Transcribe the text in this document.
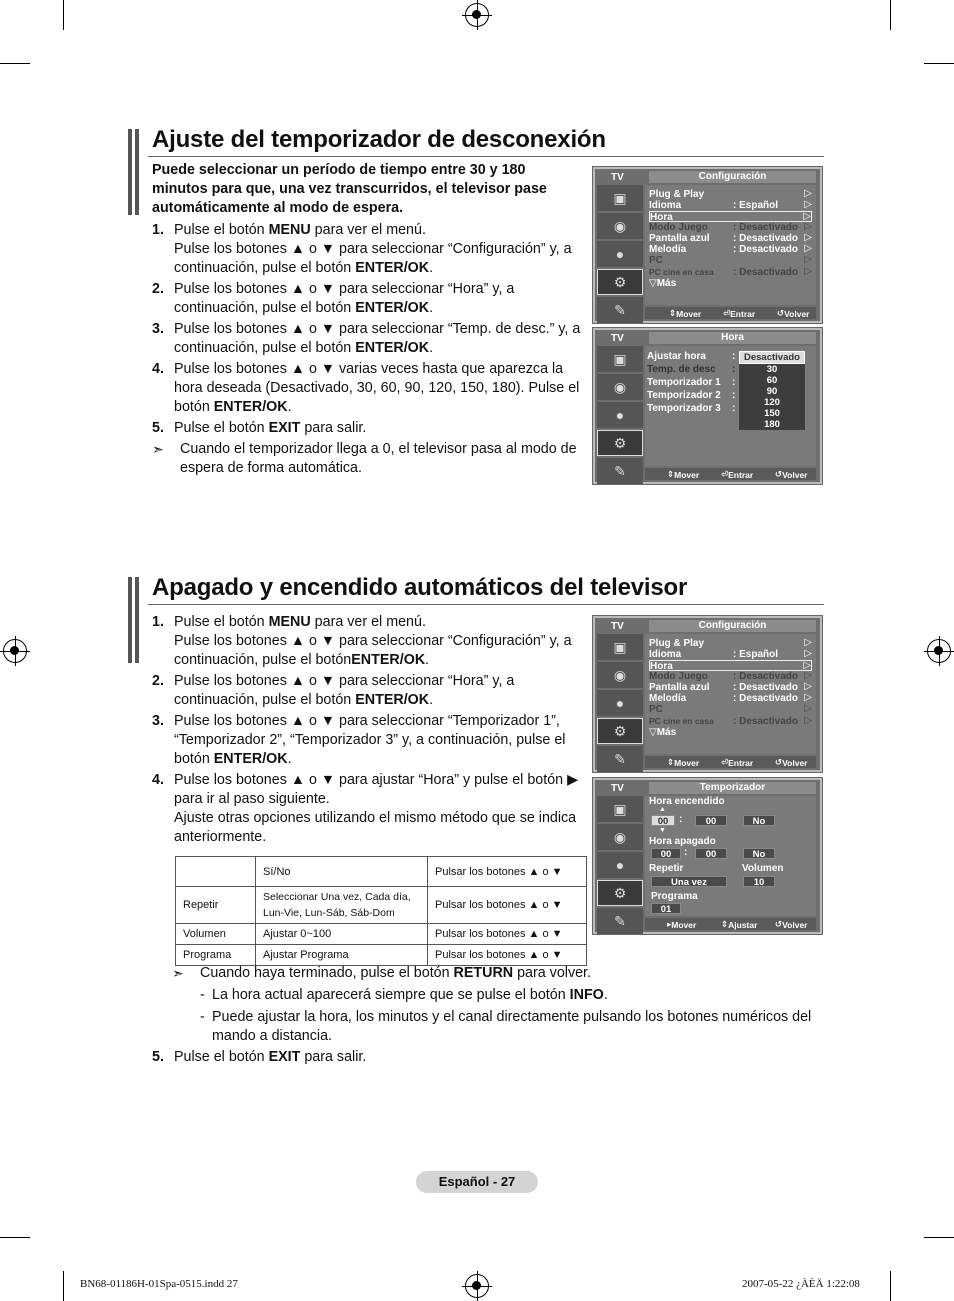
Ajuste del temporizador de desconexión
Puede seleccionar un período de tiempo entre 30 y 180 minutos para que, una vez transcurridos, el televisor pase automáticamente al modo de espera.
1. Pulse el botón MENU para ver el menú.
Pulse los botones ▲ o ▼ para seleccionar “Configuración” y, a continuación, pulse el botón ENTER/OK.
2. Pulse los botones ▲ o ▼ para seleccionar “Hora” y, a continuación, pulse el botón ENTER/OK.
3. Pulse los botones ▲ o ▼ para seleccionar “Temp. de desc.” y, a continuación, pulse el botón ENTER/OK.
4. Pulse los botones ▲ o ▼ varias veces hasta que aparezca la hora deseada (Desactivado, 30, 60, 90, 120, 150, 180). Pulse el botón ENTER/OK.
5. Pulse el botón EXIT para salir.
➣	Cuando el temporizador llega a 0, el televisor pasa al modo de espera de forma automática.
TV	Configuración
▣
◉
●
⚙
✎
Plug & Play	▷
Idioma	: Español	▷
Hora	▷
Modo Juego	: Desactivado ▷
Pantalla azul : Desactivado ▷
Melodía	: Desactivado ▷
PC	▷
PC cine en casa : Desactivado ▷
▽Más
⇕ Mover	⏎ Entrar	↺ Volver
TV	Hora
▣
◉
●
⚙
✎
Ajustar hora	:
Temp. de desc :
Temporizador 1 :
Temporizador 2 :
Temporizador 3 :
Desactivado
30
60
90
120
150
180
⇕ Mover	⏎ Entrar	↺ Volver
Apagado y encendido automáticos del televisor
1. Pulse el botón MENU para ver el menú.
Pulse los botones ▲ o ▼ para seleccionar “Configuración” y, a continuación, pulse el botónENTER/OK.
2. Pulse los botones ▲ o ▼ para seleccionar “Hora” y, a continuación, pulse el botón ENTER/OK.
3. Pulse los botones ▲ o ▼ para seleccionar “Temporizador 1”, “Temporizador 2”, “Temporizador 3” y, a continuación, pulse el botón ENTER/OK.
4. Pulse los botones ▲ o ▼ para ajustar “Hora” y pulse el botón ▶ para ir al paso siguiente.
Ajuste otras opciones utilizando el mismo método que se indica anteriormente.
TV	Configuración
▣
◉
●
⚙
✎
Plug & Play	▷
Idioma	: Español	▷
Hora	▷
Modo Juego	: Desactivado ▷
Pantalla azul : Desactivado ▷
Melodía	: Desactivado ▷
PC	▷
PC cine en casa : Desactivado ▷
▽Más
⇕ Mover	⏎ Entrar	↺ Volver
TV	Temporizador
▣
◉
●
⚙
✎
Hora encendido
▲
00	:	00	No
▼
Hora apagado
00	:	00	No
Repetir	Volumen
Una vez	10
Programa
01
▸ Mover	⇕ Ajustar ↺ Volver
	Sí/No	Pulsar los botones ▲ o ▼
Repetir	Seleccionar Una vez, Cada día, Lun-Vie, Lun-Sáb, Sáb-Dom	Pulsar los botones ▲ o ▼
Volumen	Ajustar 0~100	Pulsar los botones ▲ o ▼
Programa	Ajustar Programa	Pulsar los botones ▲ o ▼
➣	Cuando haya terminado, pulse el botón RETURN para volver.
- La hora actual aparecerá siempre que se pulse el botón INFO.
- Puede ajustar la hora, los minutos y el canal directamente pulsando los botones numéricos del mando a distancia.
5. Pulse el botón EXIT para salir.
Español - 27
BN68-01186H-01Spa-0515.indd 27	2007-05-22 ¿ÀÈÄ 1:22:08
